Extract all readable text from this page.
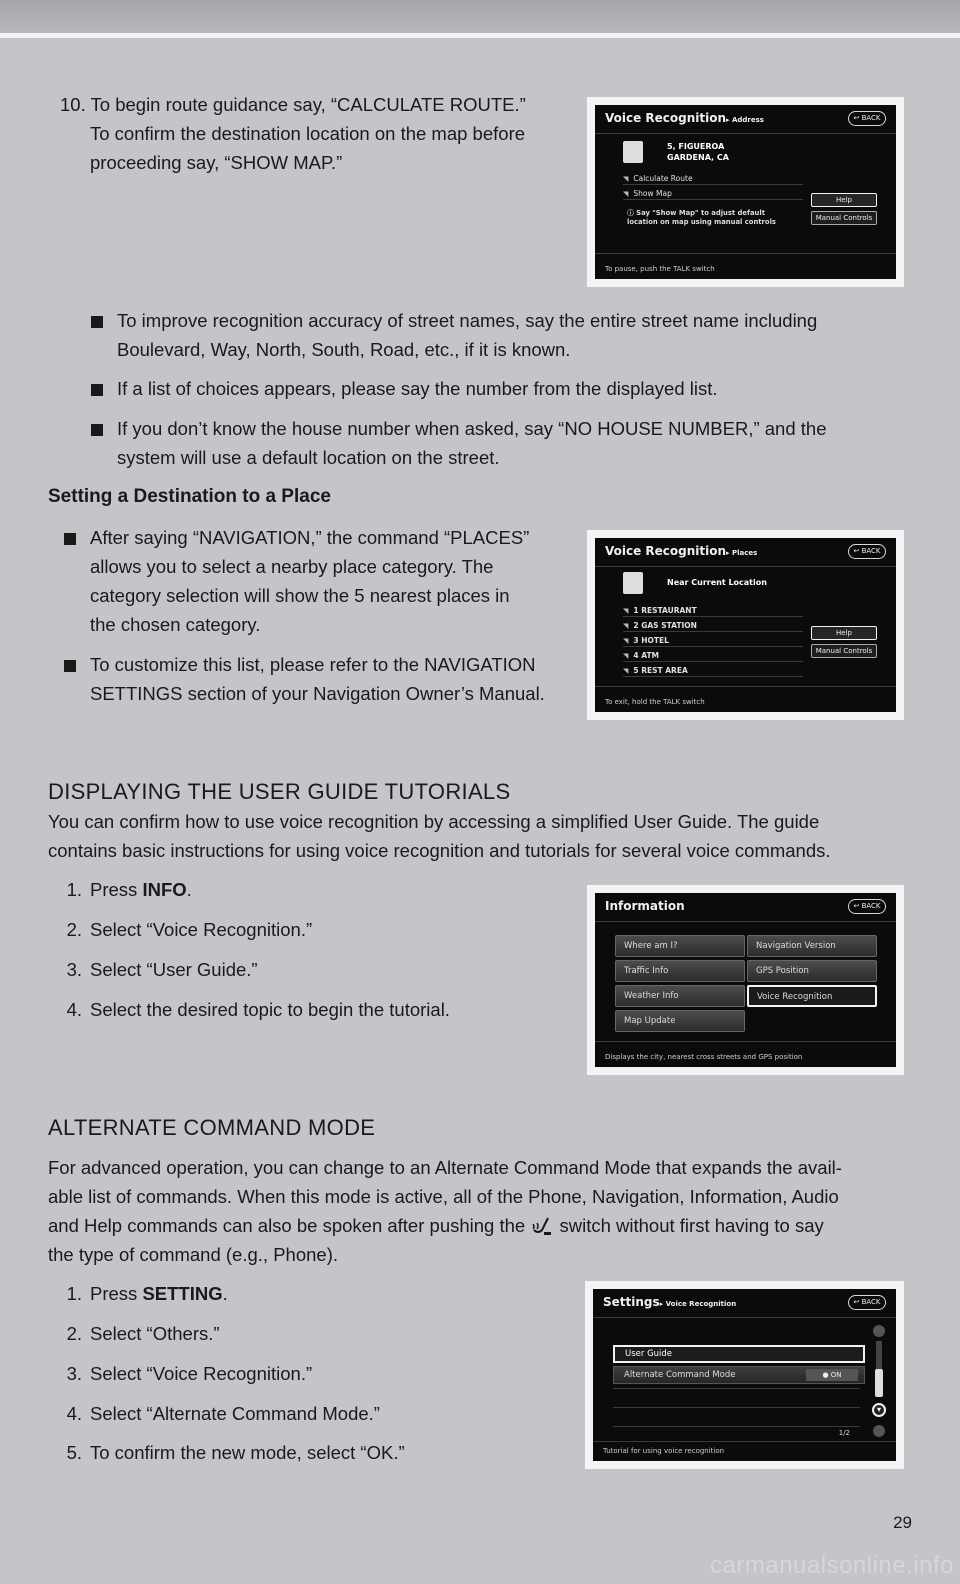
10. To begin route guidance say, “CALCULATE ROUTE.”
To confirm the destination location on the map before
proceeding say, “SHOW MAP.”
Voice Recognition▸ Address	↩ BACK
5, FIGUEROA
GARDENA, CA
◥ Calculate Route
◥ Show Map
Help
Manual Controls
ⓘ Say "Show Map" to adjust default
location on map using manual controls
To pause, push the TALK switch
To improve recognition accuracy of street names, say the entire street name including
Boulevard, Way, North, South, Road, etc., if it is known.
If a list of choices appears, please say the number from the displayed list.
If you don’t know the house number when asked, say “NO HOUSE NUMBER,” and the
system will use a default location on the street.
Setting a Destination to a Place
After saying “NAVIGATION,” the command “PLACES”
allows you to select a nearby place category. The
category selection will show the 5 nearest places in
the chosen category.
To customize this list, please refer to the NAVIGATION
SETTINGS section of your Navigation Owner’s Manual.
Voice Recognition▸ Places	↩ BACK
Near Current Location
◥ 1 RESTAURANT
◥ 2 GAS STATION
◥ 3 HOTEL
◥ 4 ATM
◥ 5 REST AREA
Help
Manual Controls
To exit, hold the TALK switch
DISPLAYING THE USER GUIDE TUTORIALS
You can confirm how to use voice recognition by accessing a simplified User Guide. The guide
contains basic instructions for using voice recognition and tutorials for several voice commands.
1. Press INFO.
2. Select “Voice Recognition.”
3. Select “User Guide.”
4. Select the desired topic to begin the tutorial.
Information	↩ BACK
Where am I?
Traffic Info
Weather Info
Map Update
Navigation Version
GPS Position
Voice Recognition
Displays the city, nearest cross streets and GPS position
ALTERNATE COMMAND MODE
For advanced operation, you can change to an Alternate Command Mode that expands the avail-
able list of commands. When this mode is active, all of the Phone, Navigation, Information, Audio
and Help commands can also be spoken after pushing the switch without first having to say
the type of command (e.g., Phone).
1. Press SETTING.
2. Select “Others.”
3. Select “Voice Recognition.”
4. Select “Alternate Command Mode.”
5. To confirm the new mode, select “OK.”
Settings▸ Voice Recognition	↩ BACK
User Guide
Alternate Command Mode	● ON
▾
1/2
Tutorial for using voice recognition
29
carmanualsonline.info
